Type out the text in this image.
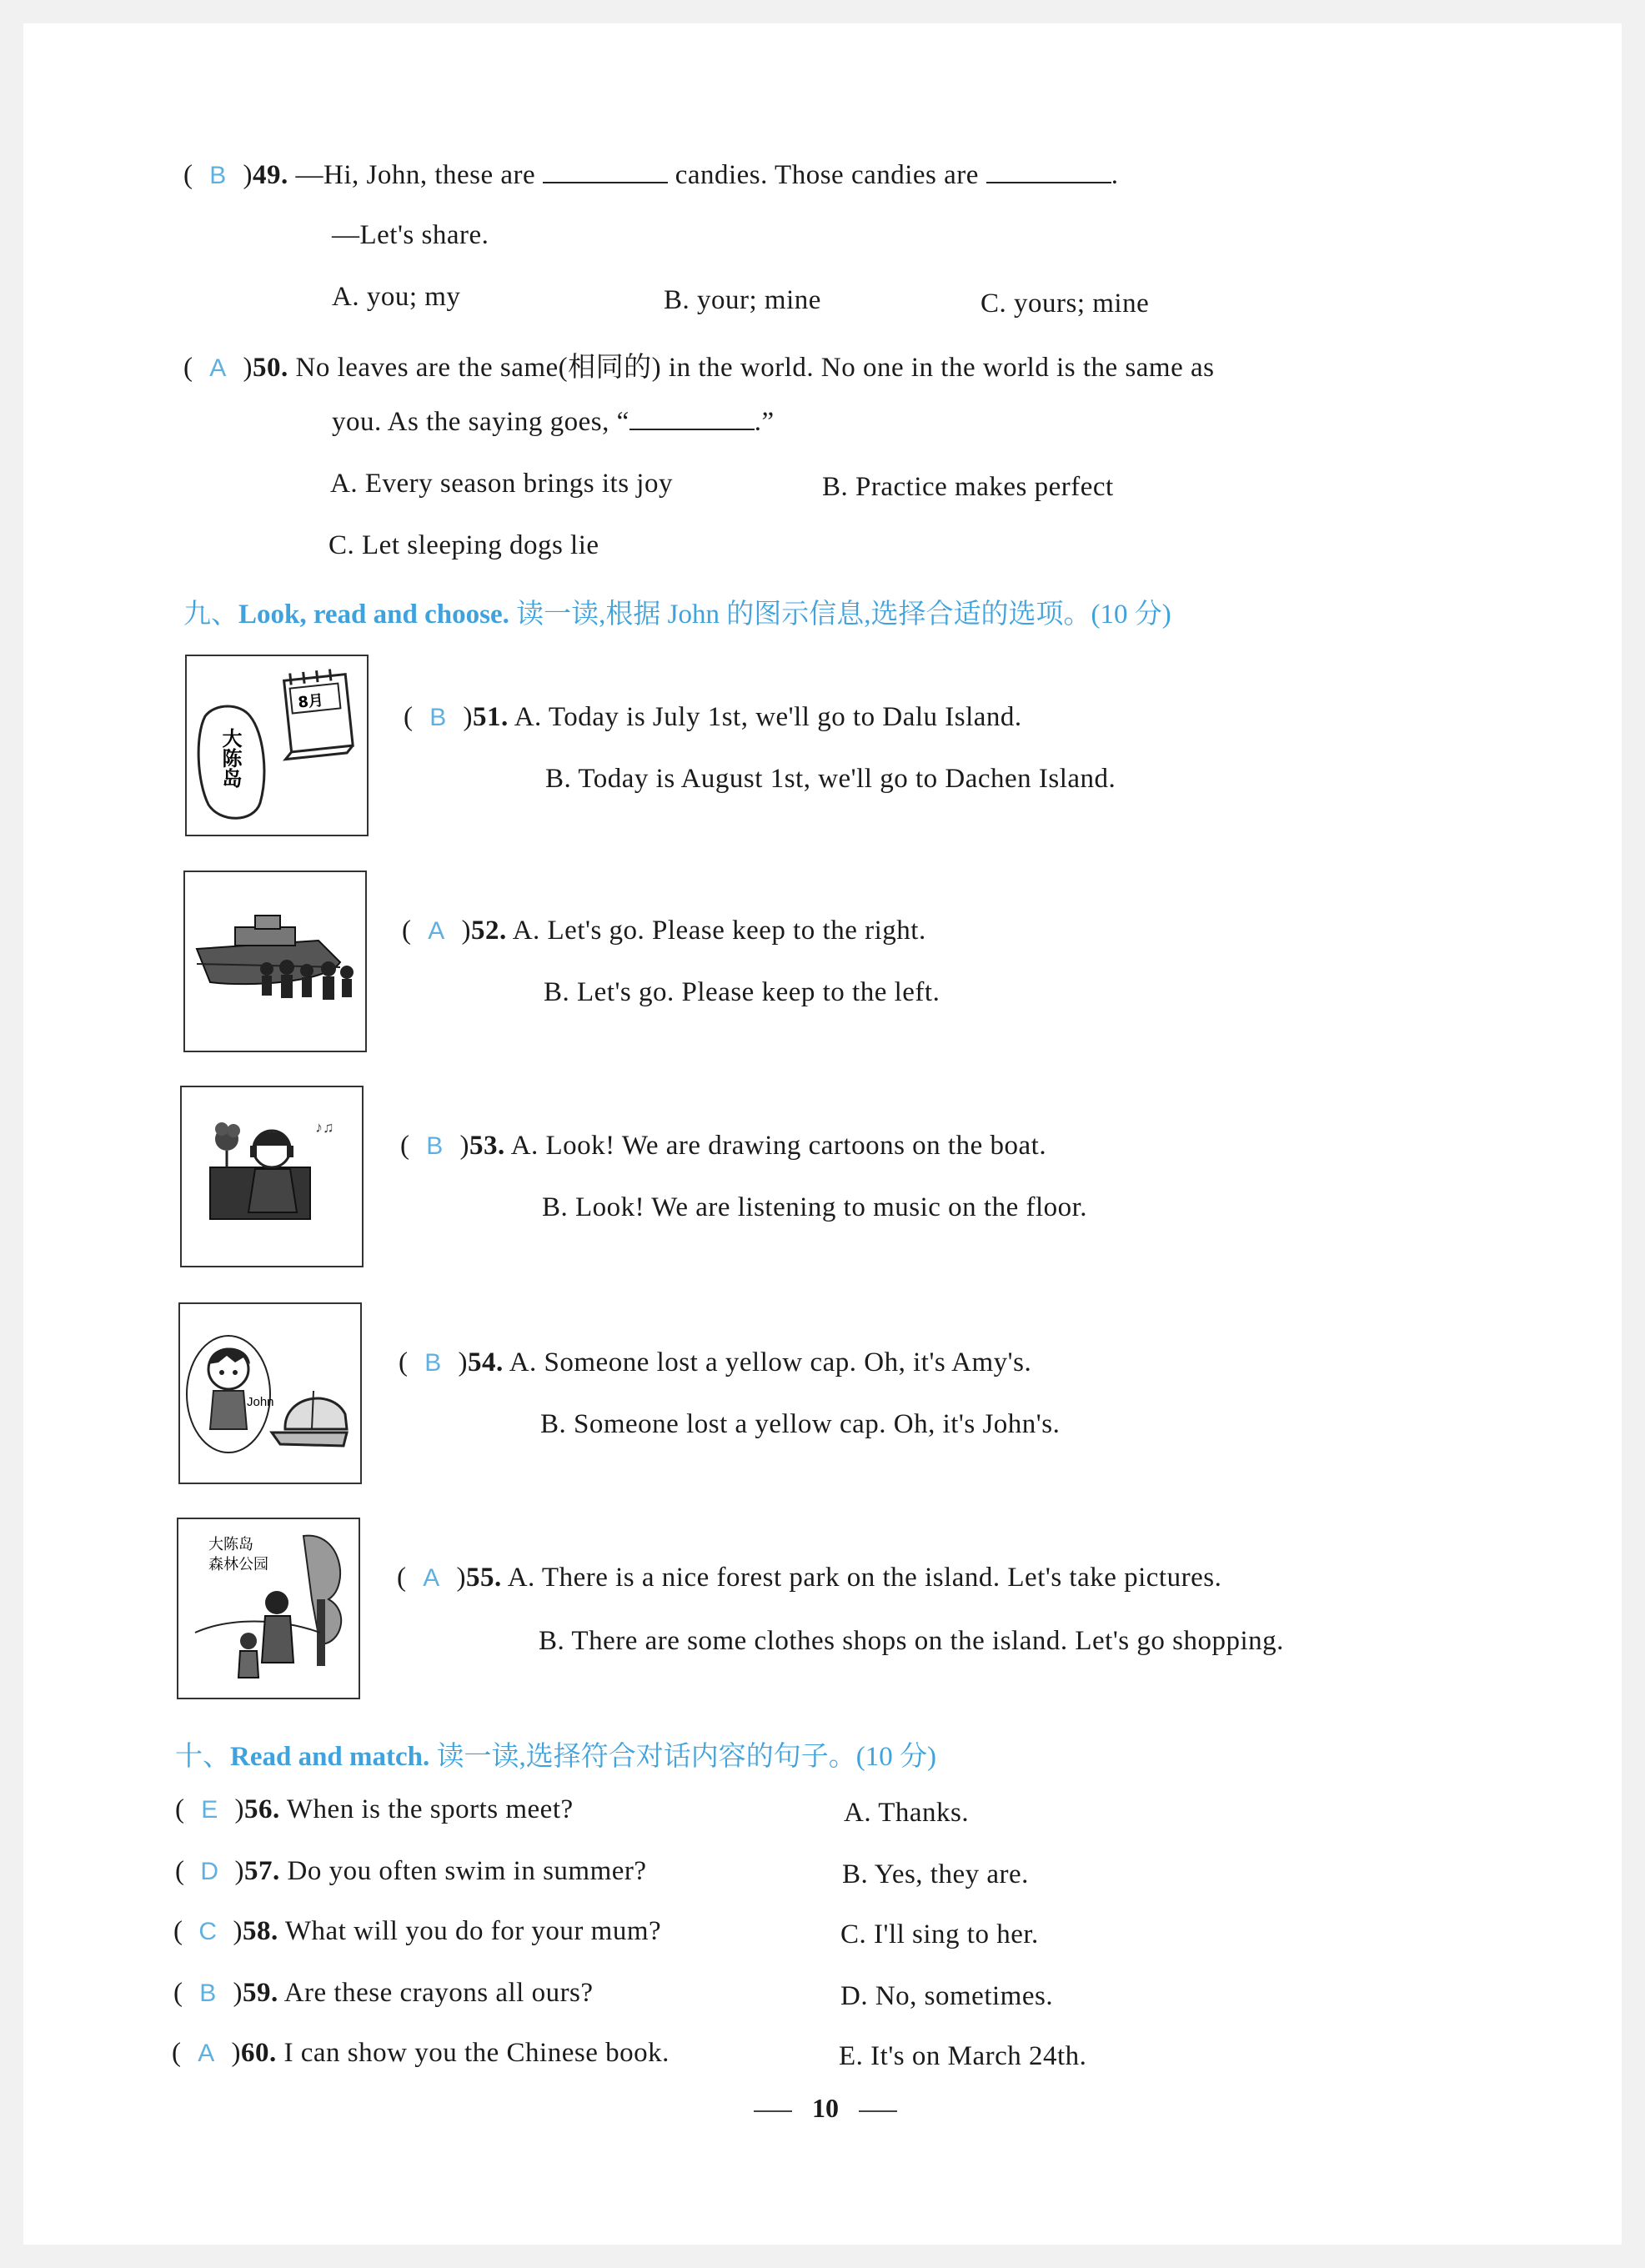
( B )49. —Hi, John, these are	candies. Those candies are	.
—Let's share.
A. you; my	B. your; mine	C. yours; mine
( A )50. No leaves are the same(相同的) in the world. No one in the world is the same as
you. As the saying goes, “	.”
A. Every season brings its joy	B. Practice makes perfect
C. Let sleeping dogs lie
九、Look, read and choose. 读一读,根据 John 的图示信息,选择合适的选项。(10 分)
8月
大陈岛
( B )51. A. Today is July 1st, we'll go to Dalu Island.
B. Today is August 1st, we'll go to Dachen Island.
( A )52. A. Let's go. Please keep to the right.
B. Let's go. Please keep to the left.
♪♫
( B )53. A. Look! We are drawing cartoons on the boat.
B. Look! We are listening to music on the floor.
John
( B )54. A. Someone lost a yellow cap. Oh, it's Amy's.
B. Someone lost a yellow cap. Oh, it's John's.
大陈岛
森林公园	( A )55. A. There is a nice forest park on the island. Let's take pictures.
B. There are some clothes shops on the island. Let's go shopping.
十、Read and match. 读一读,选择符合对话内容的句子。(10 分)
( E )56. When is the sports meet?	A. Thanks.
( D )57. Do you often swim in summer?	B. Yes, they are.
( C )58. What will you do for your mum?	C. I'll sing to her.
( B )59. Are these crayons all ours?	D. No, sometimes.
( A )60. I can show you the Chinese book.	E. It's on March 24th.
10
